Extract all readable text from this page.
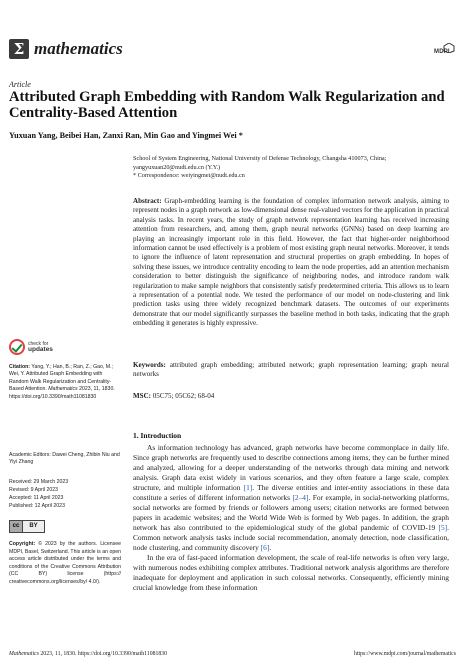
Σ mathematics	MDPI
Article
Attributed Graph Embedding with Random Walk Regularization and Centrality-Based Attention
Yuxuan Yang, Beibei Han, Zanxi Ran, Min Gao and Yingmei Wei *

School of System Engineering, National University of Defense Technology, Changsha 410073, China;

yangyuxuan20@nudt.edu.cn (Y.Y.)

* Correspondence: weiyingmei@nudt.edu.cn

check for
updates
Citation: Yang, Y.; Han, B.; Ran, Z.; Gao, M.; Wei, Y. Attributed Graph Embedding with Random Walk Regularization and Centrality-Based Attention. Mathematics 2023, 11, 1830. https://doi.org/10.3390/math11081830
Academic Editors: Dawei Cheng, Zhibin Niu and Yiyi Zhang
Received: 29 March 2023
Revised: 9 April 2023
Accepted: 11 April 2023
Published: 12 April 2023
cc	BY
Copyright: © 2023 by the authors. Licensee MDPI, Basel, Switzerland. This article is an open access article distributed under the terms and conditions of the Creative Commons Attribution (CC BY) license (https:// creativecommons.org/licenses/by/ 4.0/).
Abstract: Graph-embedding learning is the foundation of complex information network analysis, aiming to represent nodes in a graph network as low-dimensional dense real-valued vectors for the application in practical analysis tasks. In recent years, the study of graph network representation learning has received increasing attention from researchers, and, among them, graph neural networks (GNNs) based on deep learning are playing an increasingly important role in this field. However, the fact that higher-order neighborhood information cannot be used effectively is a problem of most existing graph neural networks. Moreover, it tends to ignore the influence of latent representation and structural properties on graph embedding. In hopes of solving these issues, we introduce centrality encoding to learn the node properties, add an attention mechanism consideration to better distinguish the significance of neighboring nodes, and introduce random walk regularization to make sample neighbors that consistently satisfy predetermined criteria. This allows us to learn a representation of a potential node. We tested the performance of our model on node-clustering and link prediction tasks using three widely recognized benchmark datasets. The outcomes of our experiments demonstrate that our model significantly surpasses the baseline method in both tasks, indicating that the graph embedding it generates is highly expressive.
Keywords: attributed graph embedding; attributed network; graph representation learning; graph neural networks
MSC: 05C75; 05C62; 68-04
1. Introduction

As information technology has advanced, graph networks have become commonplace in daily life. Since graph networks are frequently used to describe connections among items, they can be further mined and analyzed, allowing for a deeper understanding of the networks through data mining and network analysis. Graph data exist widely in various scenarios, and they often feature a large scale, complex structure, and multiple information [1]. The diverse entities and inter-entity associations in these data constitute a series of different information networks [2–4]. For example, in social-networking platforms, social networks are formed by friends or followers among users; citation networks are formed between papers in academic websites; and the World Wide Web is formed by Web pages. In addition, the graph network has also contributed to the epidemiological study of the global pandemic of COVID-19 [5]. Common network analysis tasks include social recommendation, anomaly detection, node classification, node clustering, and community discovery [6].

In the era of fast-paced information development, the scale of real-life networks is often very large, with numerous nodes exhibiting complex attributes. Traditional network analysis algorithms are therefore inadequate for deployment and application in such colossal networks. Consequently, efficiently mining crucial knowledge from these information

Mathematics 2023, 11, 1830. https://doi.org/10.3390/math11081830	https://www.mdpi.com/journal/mathematics
